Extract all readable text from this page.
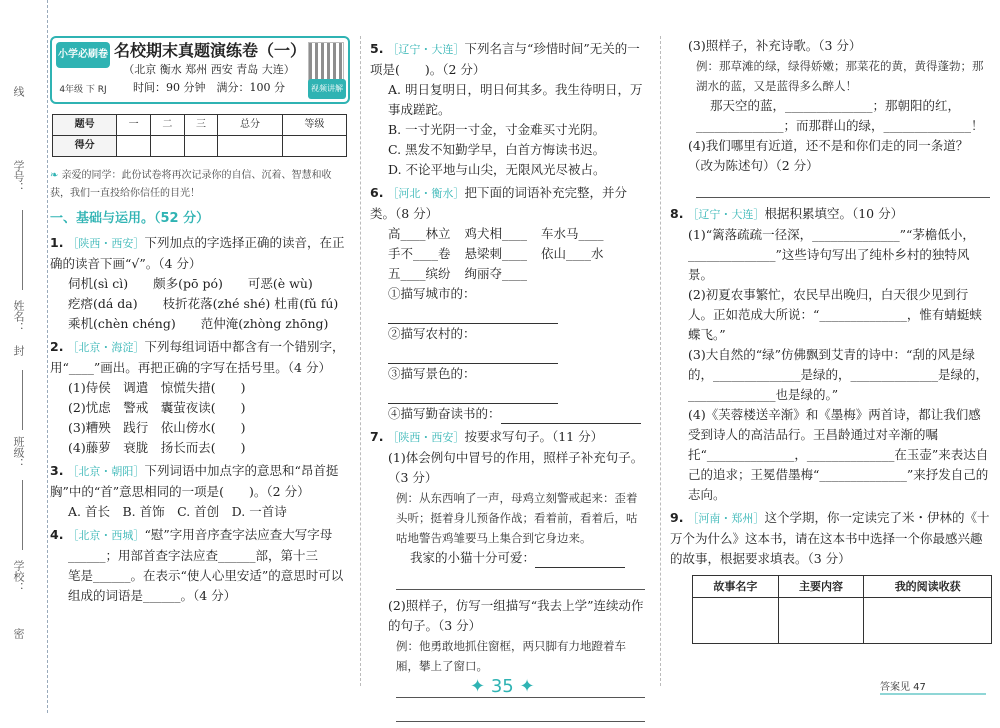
线
学号：
姓名：
封
班级：
学校：
密
小学必刷卷
4年级 下 RJ
名校期末真题演练卷（一）
（北京 衡水 郑州 西安 青岛 大连）
时间：90 分钟　满分：100 分	视频讲解
题号	一	二	三	总分	等级
得分					
❧ 亲爱的同学：此份试卷将再次记录你的自信、沉着、智慧和收获，我们一直投给你信任的目光！
一、基础与运用。（52 分）
1. ［陕西・西安］下列加点的字选择正确的读音，在正确的读音下画“√”。（4 分）
伺机(sì cì)　　颇多(pō pó)　　可恶(è wù)
疙瘩(dá da)　　枝折花落(zhé shé) 杜甫(fǔ fú)
乘机(chèn chéng)　　范仲淹(zhòng zhōng)
2. ［北京・海淀］下列每组词语中都含有一个错别字，用“____”画出。再把正确的字写在括号里。（4 分）
(1)侍侯　调遣　惊慌失措(　　)
(2)忧虑　警戒　囊萤夜读(　　)
(3)糟殃　践行　依山傍水(　　)
(4)藤萝　衰胧　扬长而去(　　)
3. ［北京・朝阳］下列词语中加点字的意思和“昂首挺胸”中的“首”意思相同的一项是(　　)。（2 分）
A. 首长　B. 首饰　C. 首创　D. 一首诗
4. ［北京・西城］“慰”字用音序查字法应查大写字母
______；用部首查字法应查______部，第十三
笔是______。在表示“使人心里安适”的意思时可以组成的词语是______。（4 分）
5. ［辽宁・大连］下列名言与“珍惜时间”无关的一项是(　　)。（2 分）
A. 明日复明日，明日何其多。我生待明日，万事成蹉跎。
B. 一寸光阴一寸金，寸金难买寸光阴。
C. 黑发不知勤学早，白首方悔读书迟。
D. 不论平地与山尖，无限风光尽被占。
6. ［河北・衡水］把下面的词语补充完整，并分类。（8 分）
高____林立 鸡犬相____ 车水马____
手不____卷 悬梁刺____ 依山____水
五____缤纷 绚丽夺____
①描写城市的：
②描写农村的：
③描写景色的：
④描写勤奋读书的：
7. ［陕西・西安］按要求写句子。（11 分）
(1)体会例句中冒号的作用，照样子补充句子。（3 分）
例：从东西响了一声，母鸡立刻警戒起来：歪着头听；挺着身儿预备作战；看着前，看着后，咕咕地警告鸡雏要马上集合到它身边来。
我家的小猫十分可爱：
(2)照样子，仿写一组描写“我去上学”连续动作的句子。（3 分）
例：他勇敢地抓住窗框，两只脚有力地蹬着车厢，攀上了窗口。
(3)照样子，补充诗歌。（3 分）
例：那草滩的绿，绿得娇嫩；那菜花的黄，黄得蓬勃；那湖水的蓝，又是蓝得多么醉人！
那天空的蓝，______________；那朝阳的红，
______________；而那群山的绿，______________！
(4)我们哪里有近道，还不是和你们走的同一条道？（改为陈述句）（2 分）
8. ［辽宁・大连］根据积累填空。（10 分）
(1)“篱落疏疏一径深，______________”“茅檐低小，______________”这些诗句写出了纯朴乡村的独特风景。
(2)初夏农事繁忙，农民早出晚归，白天很少见到行人。正如范成大所说：“______________，惟有蜻蜓蛱蝶飞。”
(3)大自然的“绿”仿佛飘到艾青的诗中：“刮的风是绿的，______________是绿的，______________是绿的，______________也是绿的。”
(4)《芙蓉楼送辛渐》和《墨梅》两首诗，都让我们感受到诗人的高洁品行。王昌龄通过对辛渐的嘱托“______________，______________在玉壶”来表达自己的追求；王冕借墨梅“______________”来抒发自己的志向。
9. ［河南・郑州］这个学期，你一定读完了米・伊林的《十万个为什么》这本书，请在这本书中选择一个你最感兴趣的故事，根据要求填表。（3 分）
故事名字	主要内容	我的阅读收获

✦ 35 ✦	答案见 47
